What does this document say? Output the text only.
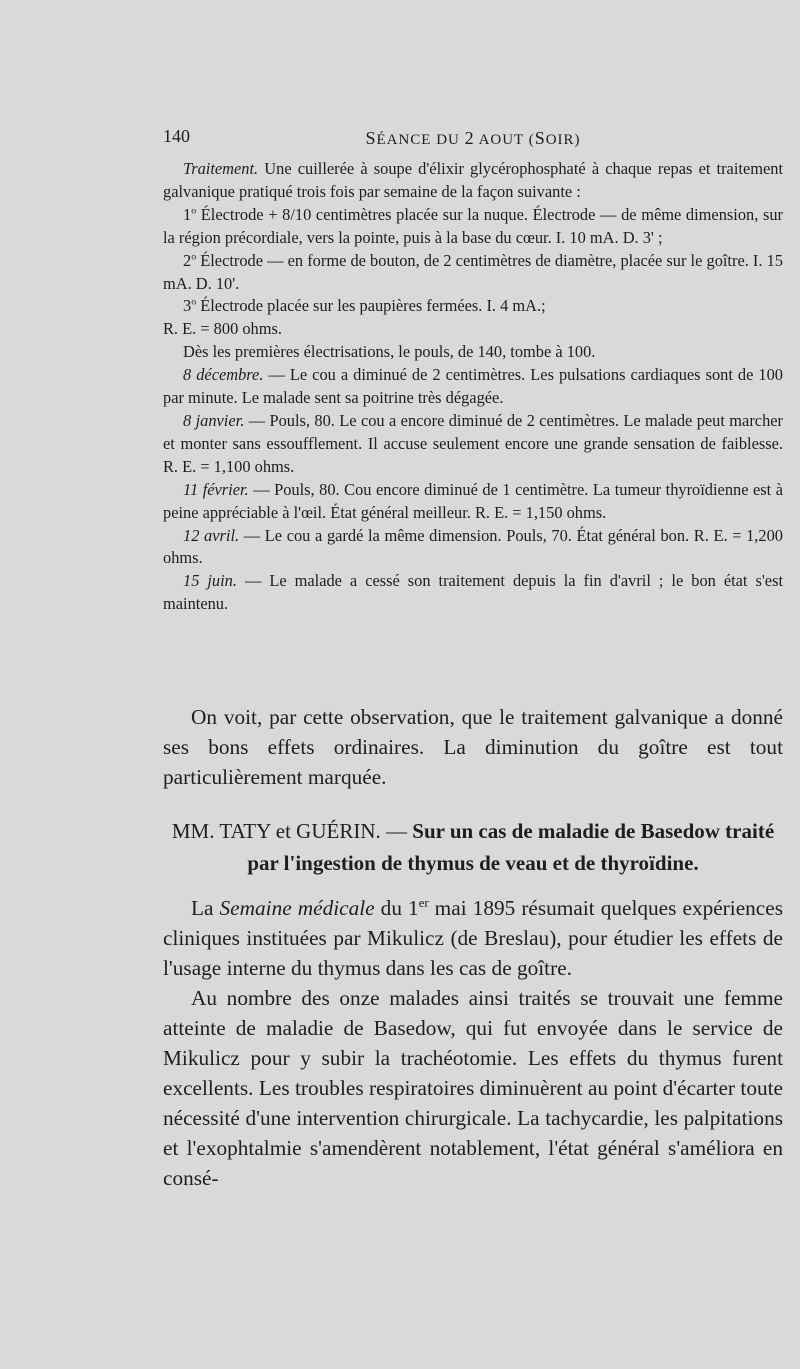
140	SÉANCE DU 2 AOUT (SOIR)

Traitement. Une cuillerée à soupe d'élixir glycérophosphaté à chaque repas et traitement galvanique pratiqué trois fois par semaine de la façon suivante :

1$^o$ Électrode + 8/10 centimètres placée sur la nuque. Électrode — de même dimension, sur la région précordiale, vers la pointe, puis à la base du cœur. I. 10 mA. D. 3' ;

2$^o$ Électrode — en forme de bouton, de 2 centimètres de diamètre, placée sur le goître. I. 15 mA. D. 10'.

3$^o$ Électrode placée sur les paupières fermées. I. 4 mA.;

R. E. = 800 ohms.

Dès les premières électrisations, le pouls, de 140, tombe à 100.

8 décembre. — Le cou a diminué de 2 centimètres. Les pulsations cardiaques sont de 100 par minute. Le malade sent sa poitrine très dégagée.

8 janvier. — Pouls, 80. Le cou a encore diminué de 2 centimètres. Le malade peut marcher et monter sans essoufflement. Il accuse seulement encore une grande sensation de faiblesse. R. E. = 1,100 ohms.

11 février. — Pouls, 80. Cou encore diminué de 1 centimètre. La tumeur thyroïdienne est à peine appréciable à l'œil. État général meilleur. R. E. = 1,150 ohms.

12 avril. — Le cou a gardé la même dimension. Pouls, 70. État général bon. R. E. = 1,200 ohms.

15 juin. — Le malade a cessé son traitement depuis la fin d'avril ; le bon état s'est maintenu.

On voit, par cette observation, que le traitement galvanique a donné ses bons effets ordinaires. La diminution du goître est tout particulièrement marquée.

MM. TATY et GUÉRIN. — Sur un cas de maladie de Basedow traité par l'ingestion de thymus de veau et de thyroïdine.

La Semaine médicale du 1er mai 1895 résumait quelques expériences cliniques instituées par Mikulicz (de Breslau), pour étudier les effets de l'usage interne du thymus dans les cas de goître.

Au nombre des onze malades ainsi traités se trouvait une femme atteinte de maladie de Basedow, qui fut envoyée dans le service de Mikulicz pour y subir la trachéotomie. Les effets du thymus furent excellents. Les troubles respiratoires diminuèrent au point d'écarter toute nécessité d'une intervention chirurgicale. La tachycardie, les palpitations et l'exophtalmie s'amendèrent notablement, l'état général s'améliora en consé-
